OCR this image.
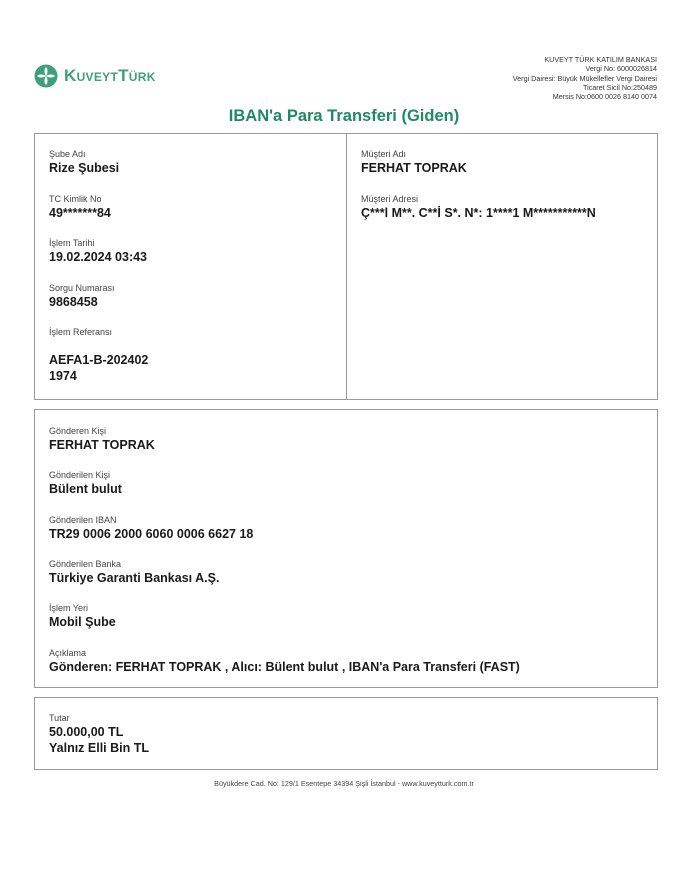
KuveytTürk
KUVEYT TÜRK KATILIM BANKASI
Vergi No: 6000026814
Vergi Dairesi: Büyük Mükellefler Vergi Dairesi
Ticaret Sicil No:250489
Mersis No:0600 0026 8140 0074
IBAN'a Para Transferi (Giden)
Şube Adı
Rize Şubesi
TC Kimlik No
49*******84
İşlem Tarihi
19.02.2024 03:43
Sorgu Numarası
9868458
İşlem Referansı
AEFA1-B-202402
1974
Müşteri Adı
FERHAT TOPRAK
Müşteri Adresi
Ç***l M**. C**İ S*. N*: 1****1 M***********N
Gönderen Kişi
FERHAT TOPRAK
Gönderilen Kişi
Bülent bulut
Gönderilen IBAN
TR29 0006 2000 6060 0006 6627 18
Gönderilen Banka
Türkiye Garanti Bankası A.Ş.
İşlem Yeri
Mobil Şube
Açıklama
Gönderen: FERHAT TOPRAK , Alıcı: Bülent bulut , IBAN'a Para Transferi (FAST)
Tutar
50.000,00 TL
Yalnız Elli Bin TL
Büyükdere Cad. No: 129/1 Esentepe 34394 Şişli İstanbul - www.kuveytturk.com.tr
